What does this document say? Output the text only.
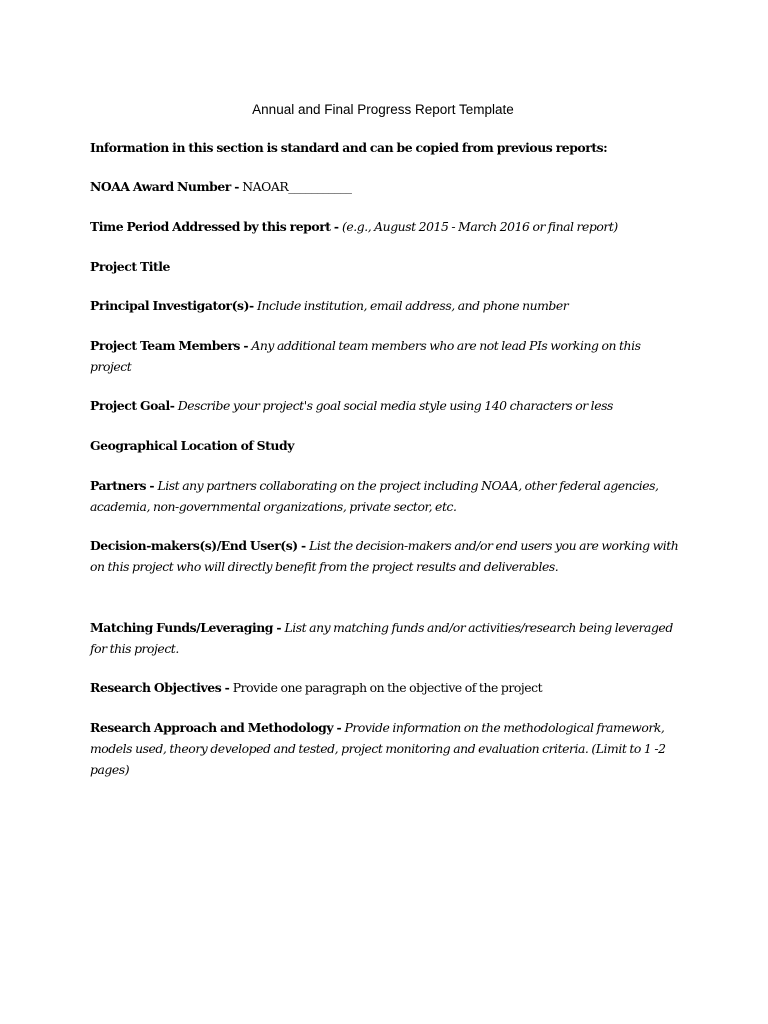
Annual and Final Progress Report Template

Information in this section is standard and can be copied from previous reports:

NOAA Award Number - NAOAR___________

Time Period Addressed by this report - (e.g., August 2015 - March 2016 or final report)

Project Title

Principal Investigator(s)- Include institution, email address, and phone number

Project Team Members - Any additional team members who are not lead PIs working on this project

Project Goal- Describe your project's goal social media style using 140 characters or less

Geographical Location of Study

Partners - List any partners collaborating on the project including NOAA, other federal agencies, academia, non-governmental organizations, private sector, etc.

Decision-makers(s)/End User(s) - List the decision-makers and/or end users you are working with on this project who will directly benefit from the project results and deliverables.

Matching Funds/Leveraging - List any matching funds and/or activities/research being leveraged for this project.

Research Objectives - Provide one paragraph on the objective of the project

Research Approach and Methodology - Provide information on the methodological framework, models used, theory developed and tested, project monitoring and evaluation criteria. (Limit to 1 -2 pages)
